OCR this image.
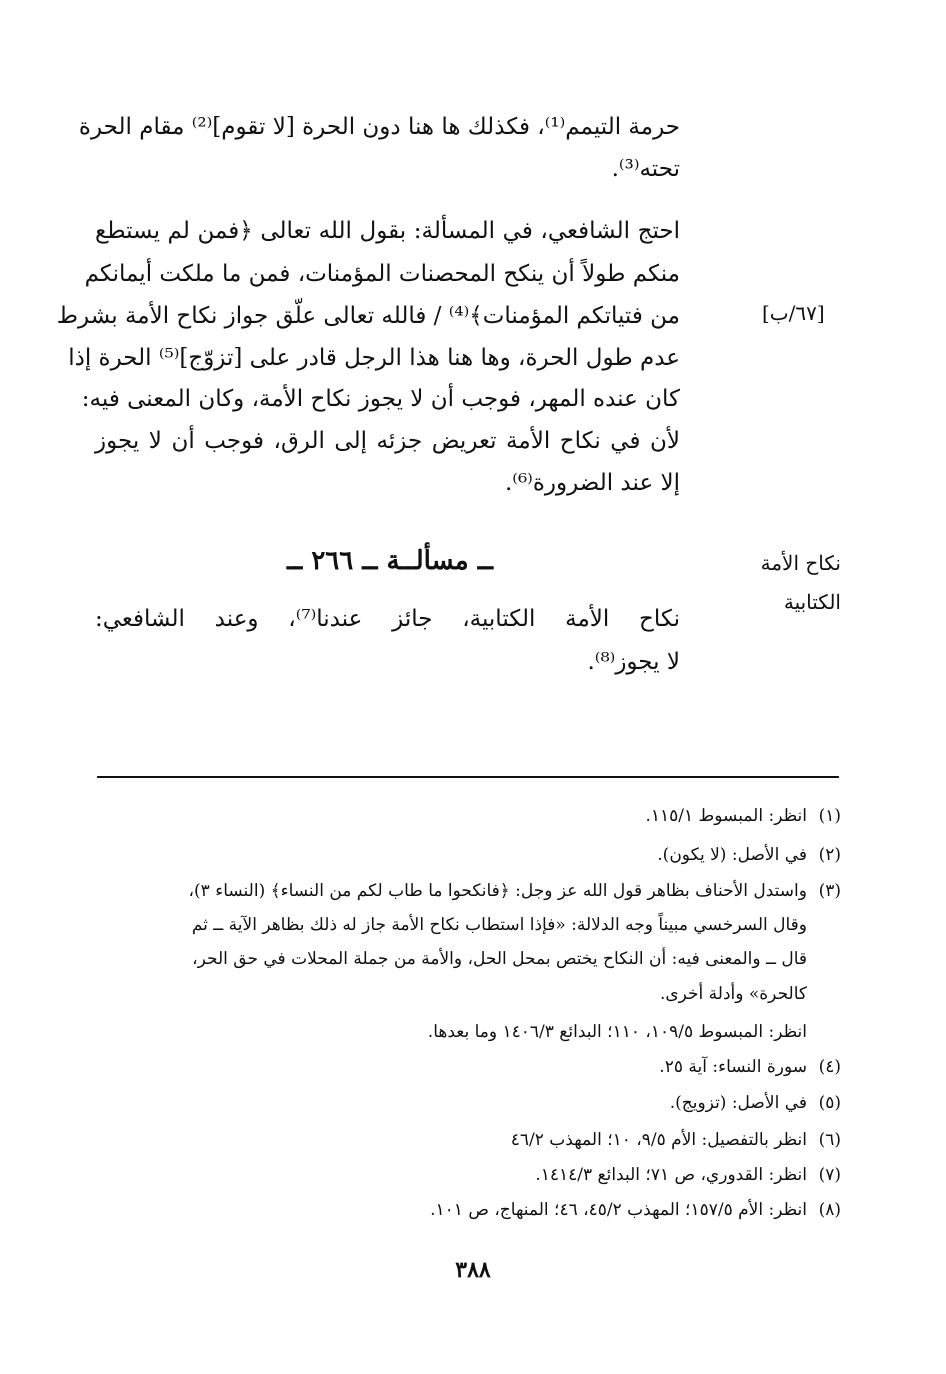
حرمة التيمم⁽¹⁾، فكذلك ها هنا دون الحرة [لا تقوم]⁽²⁾ مقام الحرة
تحته⁽³⁾.
احتج الشافعي، في المسألة: بقول الله تعالى ﴿فمن لم يستطع
منكم طولاً أن ينكح المحصنات المؤمنات، فمن ما ملكت أيمانكم
من فتياتكم المؤمنات﴾⁽⁴⁾ / فالله تعالى علّق جواز نكاح الأمة بشرط
عدم طول الحرة، وها هنا هذا الرجل قادر على [تزوّج]⁽⁵⁾ الحرة إذا
كان عنده المهر، فوجب أن لا يجوز نكاح الأمة، وكان المعنى فيه:
لأن في نكاح الأمة تعريض جزئه إلى الرق، فوجب أن لا يجوز
إلا عند الضرورة⁽⁶⁾.
[٦٧/ب]
نكاح الأمة
الكتابية
ــ مسألــة ــ ٢٦٦ ــ
نكاح الأمة الكتابية، جائز عندنا⁽⁷⁾، وعند الشافعي:
لا يجوز⁽⁸⁾.
(١)انظر: المبسوط ١١٥/١.
(٢)في الأصل: (لا يكون).
(٣)واستدل الأحناف بظاهر قول الله عز وجل: ﴿فانكحوا ما طاب لكم من النساء﴾ (النساء ٣)،
وقال السرخسي مبيناً وجه الدلالة: «فإذا استطاب نكاح الأمة جاز له ذلك بظاهر الآية ــ ثم
قال ــ والمعنى فيه: أن النكاح يختص بمحل الحل، والأمة من جملة المحلات في حق الحر،
كالحرة» وأدلة أخرى.
انظر: المبسوط ١٠٩/٥، ١١٠؛ البدائع ١٤٠٦/٣ وما بعدها.
(٤)سورة النساء: آية ٢٥.
(٥)في الأصل: (تزويج).
(٦)انظر بالتفصيل: الأم ٩/٥، ١٠؛ المهذب ٤٦/٢
(٧)انظر: القدوري، ص ٧١؛ البدائع ١٤١٤/٣.
(٨)انظر: الأم ١٥٧/٥؛ المهذب ٤٥/٢، ٤٦؛ المنهاج، ص ١٠١.
٣٨٨
